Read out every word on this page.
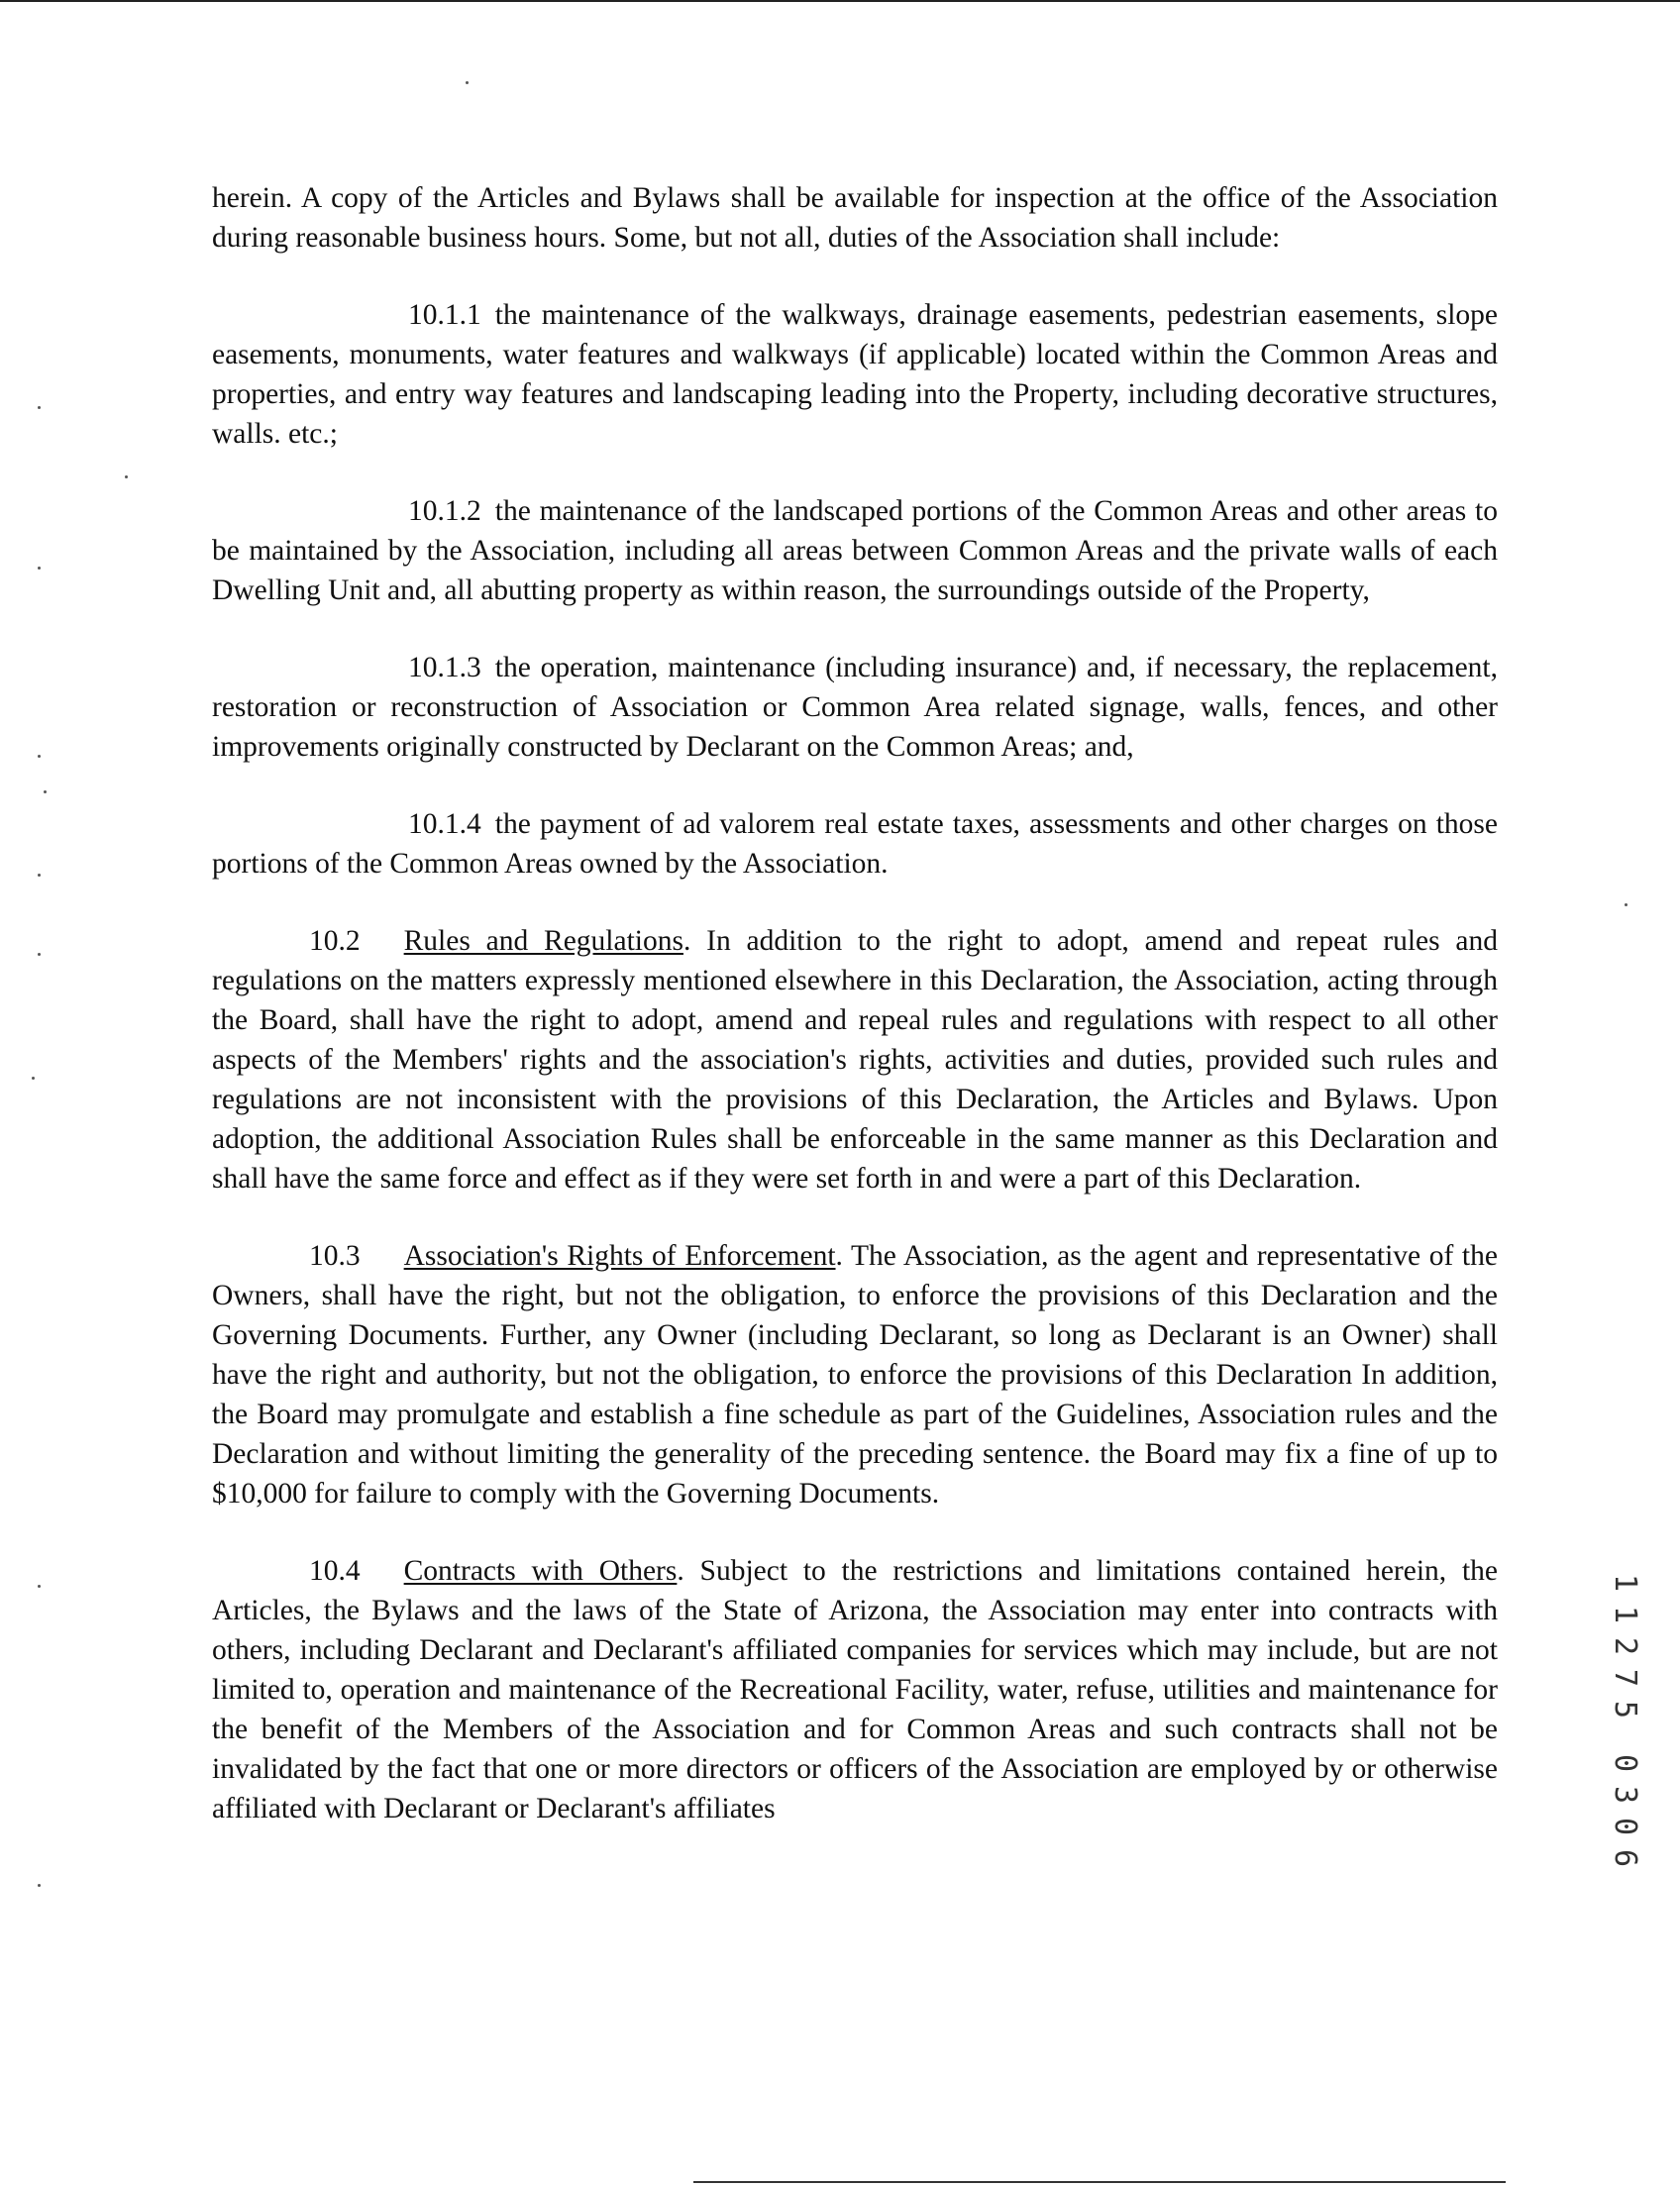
herein. A copy of the Articles and Bylaws shall be available for inspection at the office of the Association during reasonable business hours. Some, but not all, duties of the Association shall include:

10.1.1 the maintenance of the walkways, drainage easements, pedestrian easements, slope easements, monuments, water features and walkways (if applicable) located within the Common Areas and properties, and entry way features and landscaping leading into the Property, including decorative structures, walls. etc.;

10.1.2 the maintenance of the landscaped portions of the Common Areas and other areas to be maintained by the Association, including all areas between Common Areas and the private walls of each Dwelling Unit and, all abutting property as within reason, the surroundings outside of the Property,

10.1.3 the operation, maintenance (including insurance) and, if necessary, the replacement, restoration or reconstruction of Association or Common Area related signage, walls, fences, and other improvements originally constructed by Declarant on the Common Areas; and,

10.1.4 the payment of ad valorem real estate taxes, assessments and other charges on those portions of the Common Areas owned by the Association.

10.2 Rules and Regulations. In addition to the right to adopt, amend and repeat rules and regulations on the matters expressly mentioned elsewhere in this Declaration, the Association, acting through the Board, shall have the right to adopt, amend and repeal rules and regulations with respect to all other aspects of the Members' rights and the association's rights, activities and duties, provided such rules and regulations are not inconsistent with the provisions of this Declaration, the Articles and Bylaws. Upon adoption, the additional Association Rules shall be enforceable in the same manner as this Declaration and shall have the same force and effect as if they were set forth in and were a part of this Declaration.

10.3 Association's Rights of Enforcement. The Association, as the agent and representative of the Owners, shall have the right, but not the obligation, to enforce the provisions of this Declaration and the Governing Documents. Further, any Owner (including Declarant, so long as Declarant is an Owner) shall have the right and authority, but not the obligation, to enforce the provisions of this Declaration In addition, the Board may promulgate and establish a fine schedule as part of the Guidelines, Association rules and the Declaration and without limiting the generality of the preceding sentence. the Board may fix a fine of up to $10,000 for failure to comply with the Governing Documents.

10.4 Contracts with Others. Subject to the restrictions and limitations contained herein, the Articles, the Bylaws and the laws of the State of Arizona, the Association may enter into contracts with others, including Declarant and Declarant's affiliated companies for services which may include, but are not limited to, operation and maintenance of the Recreational Facility, water, refuse, utilities and maintenance for the benefit of the Members of the Association and for Common Areas and such contracts shall not be invalidated by the fact that one or more directors or officers of the Association are employed by or otherwise affiliated with Declarant or Declarant's affiliates

1
1
2
7
5
0
3
0
6
